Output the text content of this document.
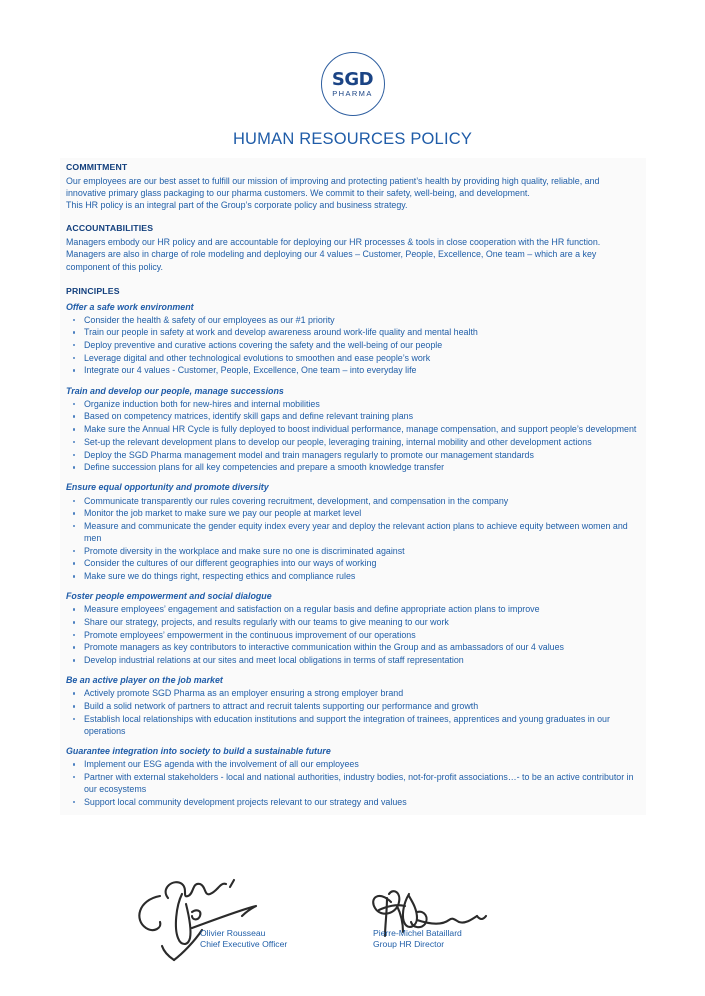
SGD
PHARMA
HUMAN RESOURCES POLICY
COMMITMENT
Our employees are our best asset to fulfill our mission of improving and protecting patient’s health by providing high quality, reliable, and innovative primary glass packaging to our pharma customers. We commit to their safety, well-being, and development.
This HR policy is an integral part of the Group’s corporate policy and business strategy.
ACCOUNTABILITIES
Managers embody our HR policy and are accountable for deploying our HR processes & tools in close cooperation with the HR function. Managers are also in charge of role modeling and deploying our 4 values – Customer, People, Excellence, One team – which are a key component of this policy.
PRINCIPLES
Offer a safe work environment
Consider the health & safety of our employees as our #1 priority
Train our people in safety at work and develop awareness around work-life quality and mental health
Deploy preventive and curative actions covering the safety and the well-being of our people
Leverage digital and other technological evolutions to smoothen and ease people’s work
Integrate our 4 values - Customer, People, Excellence, One team – into everyday life
Train and develop our people, manage successions
Organize induction both for new-hires and internal mobilities
Based on competency matrices, identify skill gaps and define relevant training plans
Make sure the Annual HR Cycle is fully deployed to boost individual performance, manage compensation, and support people’s development
Set-up the relevant development plans to develop our people, leveraging training, internal mobility and other development actions
Deploy the SGD Pharma management model and train managers regularly to promote our management standards
Define succession plans for all key competencies and prepare a smooth knowledge transfer
Ensure equal opportunity and promote diversity
Communicate transparently our rules covering recruitment, development, and compensation in the company
Monitor the job market to make sure we pay our people at market level
Measure and communicate the gender equity index every year and deploy the relevant action plans to achieve equity between women and men
Promote diversity in the workplace and make sure no one is discriminated against
Consider the cultures of our different geographies into our ways of working
Make sure we do things right, respecting ethics and compliance rules
Foster people empowerment and social dialogue
Measure employees’ engagement and satisfaction on a regular basis and define appropriate action plans to improve
Share our strategy, projects, and results regularly with our teams to give meaning to our work
Promote employees’ empowerment in the continuous improvement of our operations
Promote managers as key contributors to interactive communication within the Group and as ambassadors of our 4 values
Develop industrial relations at our sites and meet local obligations in terms of staff representation
Be an active player on the job market
Actively promote SGD Pharma as an employer ensuring a strong employer brand
Build a solid network of partners to attract and recruit talents supporting our performance and growth
Establish local relationships with education institutions and support the integration of trainees, apprentices and young graduates in our operations
Guarantee integration into society to build a sustainable future
Implement our ESG agenda with the involvement of all our employees
Partner with external stakeholders - local and national authorities, industry bodies, not-for-profit associations…- to be an active contributor in our ecosystems
Support local community development projects relevant to our strategy and values
Olivier Rousseau
Chief Executive Officer
Pierre-Michel Bataillard
Group HR Director
